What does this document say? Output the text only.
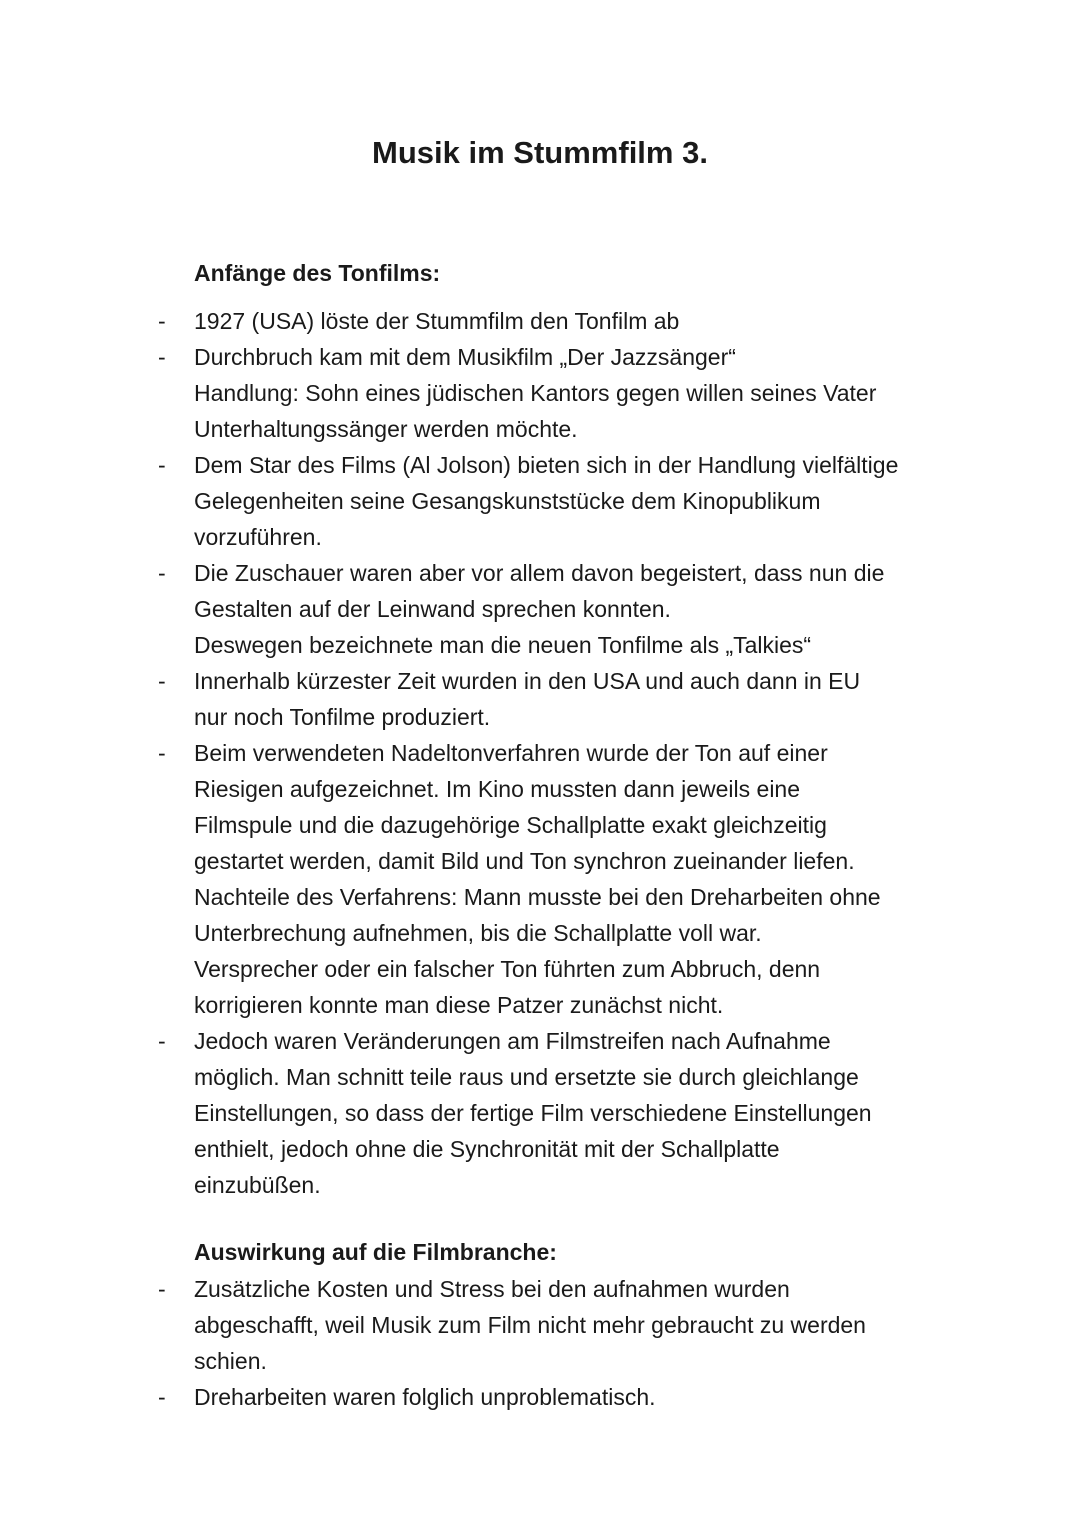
Musik im Stummfilm 3.
Anfänge des Tonfilms:
- 1927 (USA) löste der Stummfilm den Tonfilm ab
- Durchbruch kam mit dem Musikfilm „Der Jazzsänger“
Handlung: Sohn eines jüdischen Kantors gegen willen seines Vater
Unterhaltungssänger werden möchte.
- Dem Star des Films (Al Jolson) bieten sich in der Handlung vielfältige
Gelegenheiten seine Gesangskunststücke dem Kinopublikum
vorzuführen.
- Die Zuschauer waren aber vor allem davon begeistert, dass nun die
Gestalten auf der Leinwand sprechen konnten.
Deswegen bezeichnete man die neuen Tonfilme als „Talkies“
- Innerhalb kürzester Zeit wurden in den USA und auch dann in EU
nur noch Tonfilme produziert.
- Beim verwendeten Nadeltonverfahren wurde der Ton auf einer
Riesigen aufgezeichnet. Im Kino mussten dann jeweils eine
Filmspule und die dazugehörige Schallplatte exakt gleichzeitig
gestartet werden, damit Bild und Ton synchron zueinander liefen.
Nachteile des Verfahrens: Mann musste bei den Dreharbeiten ohne
Unterbrechung aufnehmen, bis die Schallplatte voll war.
Versprecher oder ein falscher Ton führten zum Abbruch, denn
korrigieren konnte man diese Patzer zunächst nicht.
- Jedoch waren Veränderungen am Filmstreifen nach Aufnahme
möglich. Man schnitt teile raus und ersetzte sie durch gleichlange
Einstellungen, so dass der fertige Film verschiedene Einstellungen
enthielt, jedoch ohne die Synchronität mit der Schallplatte
einzubüßen.
Auswirkung auf die Filmbranche:
- Zusätzliche Kosten und Stress bei den aufnahmen wurden
abgeschafft, weil Musik zum Film nicht mehr gebraucht zu werden
schien.
- Dreharbeiten waren folglich unproblematisch.
